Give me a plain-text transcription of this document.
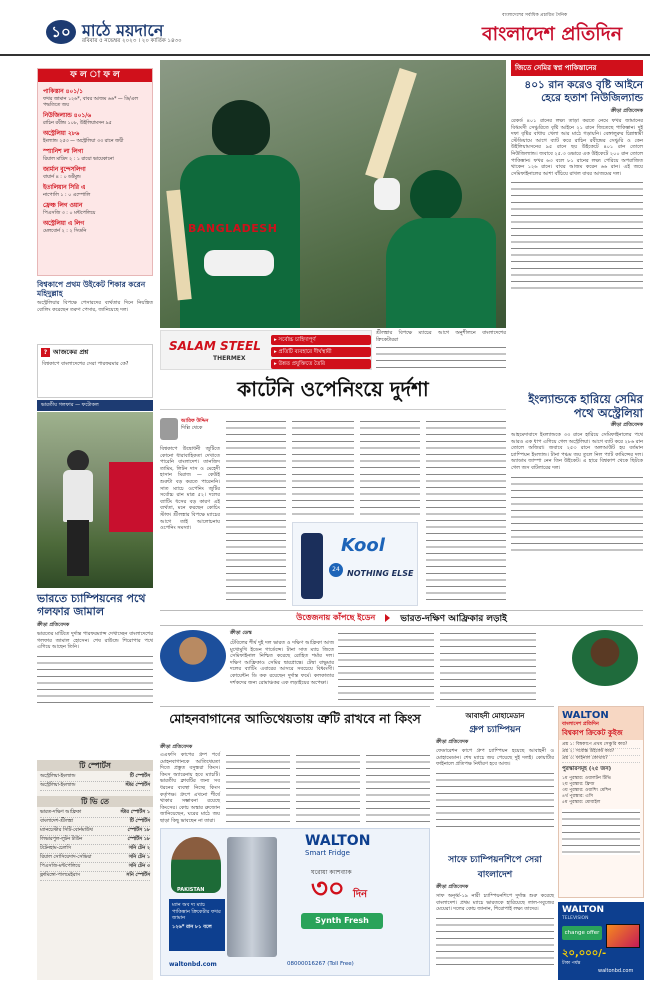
১০ মাঠে ময়দানে
রবিবার ৫ নভেম্বর ২০২৩ । ২০ কার্তিক ১৪৩০
বাংলাদেশের সর্বাধিক প্রচারিত দৈনিক
বাংলাদেশ প্রতিদিন
ফ ল া ফ ল
পাকিস্তান ৪০১/১
ফখর জামান ১২৬*, বাবর আজম ৬৬* — ডি/এল পদ্ধতিতে জয়
নিউজিল্যান্ড ৪০১/৬
রাচিন রবীন্দ্র ১০৮, উইলিয়ামসন ৯৫
অস্ট্রেলিয়া ২৮৬
ইংল্যান্ড ২৫৩ — অস্ট্রেলিয়া ৩৩ রানে জয়ী
স্প্যানিশ লা লিগা
রিয়াল মাদ্রিদ ২ : ১ রায়ো ভায়েকানো
জার্মান বুন্দেসলিগা
বায়ার্ন ৪ : ০ ডর্টমুন্ড
ইতালিয়ান সিরি এ
নাপোলি ১ : ০ এম্পোলি
ফ্রেঞ্চ লিগ ওয়ান
পিএসজি ৩ : ০ মন্টপেলিয়ে
অস্ট্রেলিয়া এ লিগ
মেলবোর্ন ২ : ২ সিডনি
বিশ্বকাপে প্রথম উইকেট শিকার করেন মহিদুল্লাহ
অস্ট্রেলিয়ার বিপক্ষে পেসারদের ব্যর্থতার দিনে নিয়ন্ত্রিত বোলিং করেছেন তরুণ পেসার, জানিয়েছে দল।
? আজকের প্রশ্ন
বিশ্বকাপে বাংলাদেশের সেরা পারফরমার কে?
ভারতীয় গলফার — ফটোকল
ভারতে চ্যাম্পিয়নের পথে গলফার জামাল
ক্রীড়া প্রতিবেদক
ভারতের মাটিতে দুর্দান্ত পারফরম্যান্স দেখাচ্ছেন বাংলাদেশের গলফার জামাল হোসেন। শেষ রাউন্ডে শিরোপার পথে এগিয়ে আছেন তিনি।
টি স্পোর্টস
অস্ট্রেলিয়া-ইংল্যান্ড	টি স্পোর্টস
অস্ট্রেলিয়া-ইংল্যান্ড	স্টার স্পোর্টস
টি ভি তে
ভারত-দক্ষিণ আফ্রিকা	স্টার স্পোর্টস ১
বাংলাদেশ-শ্রীলঙ্কা	টি স্পোর্টস
ম্যানচেস্টার সিটি-বোর্নমাউথ	স্পোর্টস ১৮
লিভারপুল-লুটন টাউন	স্পোর্টস ১৮
টটেনহাম-চেলসি	সনি টেন ২
রিয়াল সোসিয়েদাদ-সেভিয়া	সনি টেন ১
পিএসজি-মন্টপেলিয়ে	সনি টেন ৩
ফ্লামিঙ্গো-পালমেইরাস	সনি স্পোর্টস
BANGLADESH
জিতে সেমির স্বপ্ন পাকিস্তানের
৪০১ রান করেও বৃষ্টি আইনে হেরে হতাশ নিউজিল্যান্ড
ক্রীড়া প্রতিবেদক
রেকর্ড ৪০১ রানের লক্ষ্য তাড়া করতে নেমে ফখর জামানের বিধ্বংসী সেঞ্চুরিতে বৃষ্টি আইনে ২১ রানে জিতেছে পাকিস্তান। দুই দফা বৃষ্টির বাধায় খেলা আর মাঠে গড়ায়নি। বেঙ্গালুরুর চিন্নাস্বামী স্টেডিয়ামে আগে ব্যাট করে রাচিন রবীন্দ্রের সেঞ্চুরি ও কেন উইলিয়ামসনের ৯৫ রানে ছয় উইকেটে ৪০১ রান তোলে নিউজিল্যান্ড। জবাবে ২৫.৩ ওভারে এক উইকেটে ২০০ রান তোলে পাকিস্তান। ফখর ৬৩ বলে ৮১ রানের লক্ষ্য পেরিয়ে অপরাজিত থাকেন ১২৬ রানে। বাবর আজম করেন ৬৬ রান। এই জয়ে সেমিফাইনালের আশা বাঁচিয়ে রাখল বাবর আজমের দল।
শ্রীলঙ্কার বিপক্ষে ম্যাচের আগে অনুশীলনে বাংলাদেশের ক্রিকেটাররা
SALAM STEEL
THERMEX
▸ সর্বোচ্চ চাহিদাপূর্ণ
▸ প্রতিটি ব্যবহারে দীর্ঘস্থায়ী
▸ উন্নত প্রযুক্তিতে তৈরি
কাটেনি ওপেনিংয়ে দুর্দশা
আরিফ উদ্দিন
দিল্লি থেকে
বিশ্বকাপে উদ্বোধনী জুটিতে কোনো ধারাবাহিকতা দেখাতে পারেনি বাংলাদেশ। তানজিদ তামিম, লিটন দাস ও মেহেদী হাসান মিরাজ — কেউই শুরুটা বড় করতে পারেননি। সাত ম্যাচে ওপেনিং জুটির সর্বোচ্চ রান মাত্র ৫২। দলের ব্যাটিং ধসের বড় কারণ এই ব্যর্থতা, মনে করছেন কোচিং স্টাফ। শ্রীলঙ্কার বিপক্ষে ম্যাচের আগে তাই আলোচনায় ওপেনিং সমস্যা।
Kool
24 NOTHING ELSE
ইংল্যান্ডকে হারিয়ে সেমির পথে অস্ট্রেলিয়া
ক্রীড়া প্রতিবেদক
আহমেদাবাদে ইংল্যান্ডকে ৩৩ রানে হারিয়ে সেমিফাইনালের পথে আরও এক ধাপ এগিয়ে গেল অস্ট্রেলিয়া। আগে ব্যাট করে ২৮৬ রান তোলে অজিরা। জবাবে ২৫৩ রানে অলআউট হয় বর্তমান চ্যাম্পিয়ন ইংল্যান্ড। টানা পঞ্চম জয় তুলে নিল প্যাট কামিন্সের দল। অ্যাডাম জাম্পা নেন তিন উইকেট। এ হারে বিশ্বকাপ থেকে ছিটকে গেল জস বাটলারের দল।
উত্তেজনায় কাঁপছে ইডেন	ভারত-দক্ষিণ আফ্রিকার লড়াই
ক্রীড়া ডেস্ক
টেবিলের শীর্ষ দুই দল ভারত ও দক্ষিণ আফ্রিকা আজ মুখোমুখি ইডেন গার্ডেন্সে। টানা সাত ম্যাচ জিতে সেমিফাইনাল নিশ্চিত করেছে রোহিত শর্মার দল। দক্ষিণ আফ্রিকাও সেমির দ্বারপ্রান্তে। টেম্বা বাভুমার দলের ব্যাটিং এবারের আসরে সবচেয়ে বিধ্বংসী। কোয়েন্টন ডি কক রয়েছেন দুর্দান্ত ফর্মে। কলকাতার দর্শকদের জন্য রোমাঞ্চকর এক লড়াইয়ের অপেক্ষা।
মোহনবাগানের আতিথেয়তায় ত্রুটি রাখবে না কিংস
ক্রীড়া প্রতিবেদক
এএফসি কাপের গ্রুপ পর্বে মোহনবাগানকে আতিথেয়তা দিতে প্রস্তুত বসুন্ধরা কিংস। কিংস অ্যারেনায় হবে ম্যাচটি। ভারতীয় ক্লাবটির জন্য সব ধরনের ব্যবস্থা নিচ্ছে কিংস কর্তৃপক্ষ। গ্রুপে এখনো শীর্ষে থাকার সম্ভাবনা রয়েছে কিংসের। কোচ অস্কার ব্রুজোন জানিয়েছেন, ঘরের মাঠে জয় ছাড়া কিছু ভাবছেন না তারা।
WALTON
Smart Fridge
PAKISTAN
ম্যান অব দ্য ম্যাচ পাকিস্তান ক্রিকেটার ফখর জামান
১২৬* রান ৮১ বলে
ঘরোয়া ক্যাশব্যাক
৩০ দিন
Synth Fresh
waltonbd.com	08000016267 (Toll Free)
আবাহনী মোহামেডান
গ্রুপ চ্যাম্পিয়ন
ক্রীড়া প্রতিবেদক
ফেডারেশন কাপে গ্রুপ চ্যাম্পিয়ন হয়েছে আবাহনী ও মোহামেডান। শেষ ম্যাচে জয় পেয়েছে দুই দলই। কোয়ার্টার ফাইনালে প্রতিপক্ষ নির্ধারণ হবে আজ।
সাফে চ্যাম্পিয়নশিপে সেরা বাংলাদেশ
ক্রীড়া প্রতিবেদক
সাফ অনূর্ধ্ব-১৯ নারী চ্যাম্পিয়নশিপে দুর্দান্ত শুরু করেছে বাংলাদেশ। প্রথম ম্যাচে ভারতকে হারিয়েছে লাল-সবুজের মেয়েরা। দলের কোচ জানান, শিরোপাই লক্ষ্য তাদের।
WALTON
বাংলাদেশ প্রতিদিন
বিশ্বকাপ ক্রিকেট কুইজ
প্রশ্ন ১: বিশ্বকাপে প্রথম সেঞ্চুরি কার?
প্রশ্ন ২: সর্বোচ্চ উইকেট কার?
প্রশ্ন ৩: ফাইনাল কোথায়?
পুরস্কারসমূহ (২৫ জন)
১ম পুরস্কার: ওয়ালটন টিভি
২য় পুরস্কার: ফ্রিজ
৩য় পুরস্কার: ওয়াশিং মেশিন
৪র্থ পুরস্কার: এসি
৫ম পুরস্কার: মোবাইল
WALTON
TELEVISION
change offer
২০,০০০/-
টাকা পর্যন্ত
waltonbd.com
